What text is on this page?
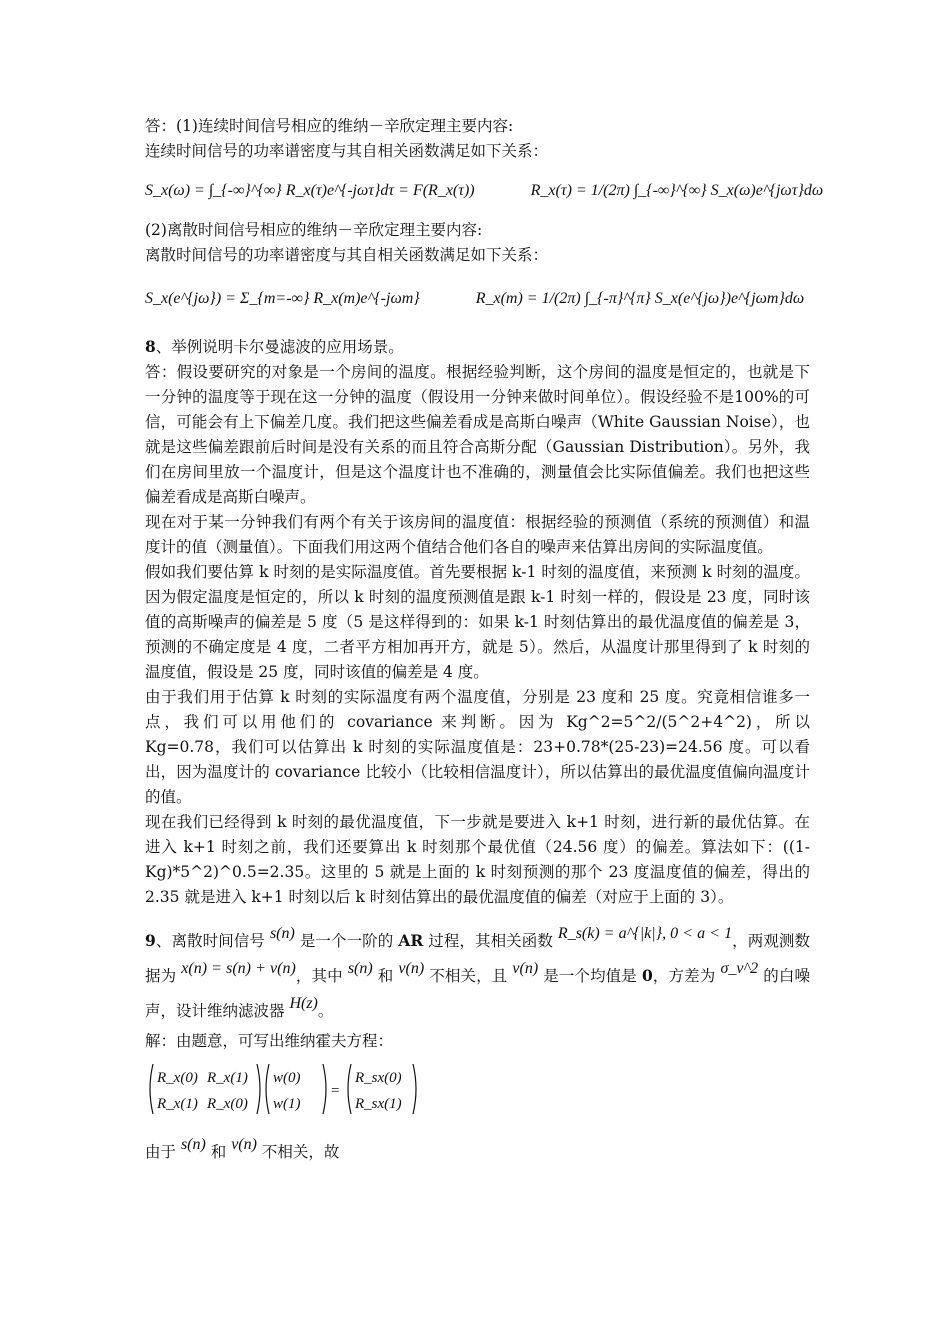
答：(1)连续时间信号相应的维纳－辛欣定理主要内容:

连续时间信号的功率谱密度与其自相关函数满足如下关系：

S_x(ω) = ∫_{-∞}^{∞} R_x(τ)e^{-jωτ}dτ = F(R_x(τ))	R_x(τ) = 1/(2π) ∫_{-∞}^{∞} S_x(ω)e^{jωτ}dω

(2)离散时间信号相应的维纳－辛欣定理主要内容:

离散时间信号的功率谱密度与其自相关函数满足如下关系：

S_x(e^{jω}) = Σ_{m=-∞} R_x(m)e^{-jωm}	R_x(m) = 1/(2π) ∫_{-π}^{π} S_x(e^{jω})e^{jωm}dω

8、举例说明卡尔曼滤波的应用场景。

答：假设要研究的对象是一个房间的温度。根据经验判断，这个房间的温度是恒定的，也就是下一分钟的温度等于现在这一分钟的温度（假设用一分钟来做时间单位）。假设经验不是100%的可信，可能会有上下偏差几度。我们把这些偏差看成是高斯白噪声（White Gaussian Noise），也就是这些偏差跟前后时间是没有关系的而且符合高斯分配（Gaussian Distribution）。另外，我们在房间里放一个温度计，但是这个温度计也不准确的，测量值会比实际值偏差。我们也把这些偏差看成是高斯白噪声。

现在对于某一分钟我们有两个有关于该房间的温度值：根据经验的预测值（系统的预测值）和温度计的值（测量值）。下面我们用这两个值结合他们各自的噪声来估算出房间的实际温度值。

假如我们要估算 k 时刻的是实际温度值。首先要根据 k-1 时刻的温度值，来预测 k 时刻的温度。因为假定温度是恒定的，所以 k 时刻的温度预测值是跟 k-1 时刻一样的，假设是 23 度，同时该值的高斯噪声的偏差是 5 度（5 是这样得到的：如果 k-1 时刻估算出的最优温度值的偏差是 3，预测的不确定度是 4 度，二者平方相加再开方，就是 5）。然后，从温度计那里得到了 k 时刻的温度值，假设是 25 度，同时该值的偏差是 4 度。

由于我们用于估算 k 时刻的实际温度有两个温度值，分别是 23 度和 25 度。究竟相信谁多一点，我们可以用他们的 covariance 来判断。因为 Kg^2=5^2/(5^2+4^2)，所以 Kg=0.78，我们可以估算出 k 时刻的实际温度值是：23+0.78*(25-23)=24.56 度。可以看出，因为温度计的 covariance 比较小（比较相信温度计），所以估算出的最优温度值偏向温度计的值。

现在我们已经得到 k 时刻的最优温度值，下一步就是要进入 k+1 时刻，进行新的最优估算。在进入 k+1 时刻之前，我们还要算出 k 时刻那个最优值（24.56 度）的偏差。算法如下：((1-Kg)*5^2)^0.5=2.35。这里的 5 就是上面的 k 时刻预测的那个 23 度温度值的偏差，得出的 2.35 就是进入 k+1 时刻以后 k 时刻估算出的最优温度值的偏差（对应于上面的 3）。

9、离散时间信号 s(n) 是一个一阶的 AR 过程，其相关函数 R_s(k) = a^{|k|}, 0 < a < 1，两观测数据为 x(n) = s(n) + v(n)，其中 s(n) 和 v(n) 不相关，且 v(n) 是一个均值是 0，方差为 σ_v^2 的白噪声，设计维纳滤波器 H(z)。

解：由题意，可写出维纳霍夫方程：

R_x(0) R_x(1)
R_x(1) R_x(0)
w(0)
w(1)
=
R_sx(0)
R_sx(1)

由于 s(n) 和 v(n) 不相关，故
